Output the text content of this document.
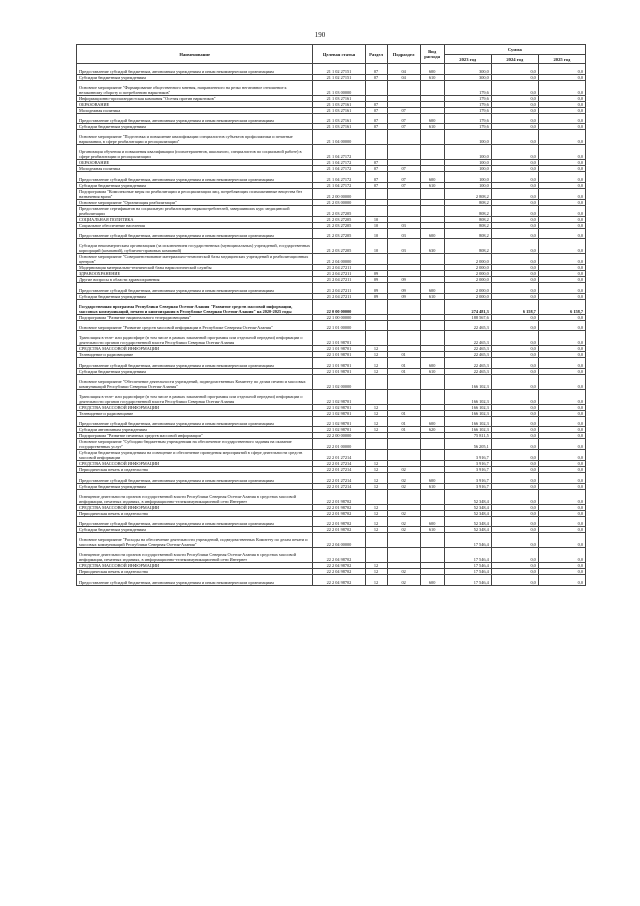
190
Наименование	Целевая статья	Раздел	Подраздел	Вид расхода	Сумма		
					2023 год	2024 год	2025 год
Предоставление субсидий бюджетным, автономным учреждениям и иным некоммерческим организациям	21 1 02 27151	07	04	600	300,0	0,0	0,0
Субсидии бюджетным учреждениям	21 1 02 27151	07	04	610	300,0	0,0	0,0
Основное мероприятие "Формирование общественного мнения, направленного на резко негативное отношение к незаконному обороту и потреблению наркотиков"	21 1 03 00000				179,6	0,0	0,0
Информационно-пропагандистская кампания "Осетия против наркотиков"	21 1 03 27161				179,6	0,0	0,0
ОБРАЗОВАНИЕ	21 1 03 27161	07			179,6	0,0	0,0
Молодежная политика	21 1 03 27161	07	07		179,6	0,0	0,0
Предоставление субсидий бюджетным, автономным учреждениям и иным некоммерческим организациям	21 1 03 27161	07	07	600	179,6	0,0	0,0
Субсидии бюджетным учреждениям	21 1 03 27161	07	07	610	179,6	0,0	0,0
Основное мероприятие "Подготовка и повышение квалификации специалистов субъектов профилактики и печатные наркомании, в сфере реабилитации и ресоциализации"	21 1 04 00000				100,0	0,0	0,0
Организация обучения и повышения квалификации (психотерапевтов, школьного, специалистов по социальной работе) в сфере реабилитации и ресоциализации	21 1 04 27172				100,0	0,0	0,0
ОБРАЗОВАНИЕ	21 1 04 27172	07			100,0	0,0	0,0
Молодежная политика	21 1 04 27172	07	07		100,0	0,0	0,0
Предоставление субсидий бюджетным, автономным учреждениям и иным некоммерческим организациям	21 1 04 27172	07	07	600	100,0	0,0	0,0
Субсидии бюджетным учреждениям	21 1 04 27172	07	07	610	100,0	0,0	0,0
Подпрограмма "Комплексные меры по реабилитации и ресоциализации лиц, потребляющих психоактивные вещества без назначения врача"	21 2 00 00000				2 808,2	0,0	0,0
Основное мероприятие "Организация реабилитации"	21 2 03 00000				808,2	0,0	0,0
Предоставление сертификатов на социальную реабилитацию наркопотребителей, завершивших курс медицинской реабилитации	21 2 03 27205				808,2	0,0	0,0
СОЦИАЛЬНАЯ ПОЛИТИКА	21 2 03 27205	10			808,2	0,0	0,0
Социальное обеспечение населения	21 2 03 27205	10	03		808,2	0,0	0,0
Предоставление субсидий бюджетным, автономным учреждениям и иным некоммерческим организациям	21 2 03 27205	10	03	600	808,2	0,0	0,0
Субсидии некоммерческим организациям (за исключением государственных (муниципальных) учреждений, государственных корпораций (компаний), публично-правовых компаний)	21 2 03 27205	10	03	630	808,2	0,0	0,0
Основное мероприятие "Совершенствование материально-технической базы медицинских учреждений и реабилитационных центров"	21 2 04 00000				2 000,0	0,0	0,0
Модернизация материально-технической базы наркологической службы	21 2 04 27211				2 000,0	0,0	0,0
ЗДРАВООХРАНЕНИЕ	21 2 04 27211	09			2 000,0	0,0	0,0
Другие вопросы в области здравоохранения	21 2 04 27211	09	09		2 000,0	0,0	0,0
Предоставление субсидий бюджетным, автономным учреждениям и иным некоммерческим организациям	21 2 04 27211	09	09	600	2 000,0	0,0	0,0
Субсидии бюджетным учреждениям	21 2 04 27211	09	09	610	2 000,0	0,0	0,0
Государственная программа Республики Северная Осетия-Алания "Развитие средств массовой информации, массовых коммуникаций, печати и книгоиздания в Республике Северная Осетия-Алания" на 2020-2025 годы	22 0 00 00000				274 481,3	6 158,7	6 158,7
Подпрограмма "Развитие национального телерадиовещания"	22 1 00 00000				188 567,6	0,0	0,0
Основное мероприятие "Развитие средств массовой информации в Республике Северная Осетия-Алания"	22 1 01 00000				22 465,3	0,0	0,0
Трансляция в теле- или радиоэфире (в том числе в рамках заказанной программы или отдельной передачи) информации о деятельности органов государственной власти Республики Северная Осетия-Алания	22 1 01 98701				22 465,3	0,0	0,0
СРЕДСТВА МАССОВОЙ ИНФОРМАЦИИ	22 1 01 98701	12			22 465,3	0,0	0,0
Телевидение и радиовещание	22 1 01 98701	12	01		22 465,3	0,0	0,0
Предоставление субсидий бюджетным, автономным учреждениям и иным некоммерческим организациям	22 1 01 98701	12	01	600	22 465,3	0,0	0,0
Субсидии бюджетным учреждениям	22 1 01 98701	12	01	610	22 465,3	0,0	0,0
Основное мероприятие "Обеспечение деятельности учреждений, подведомственных Комитету по делам печати и массовых коммуникаций Республики Северная Осетия-Алания"	22 1 02 00000				166 102,3	0,0	0,0
Трансляция в теле- или радиоэфире (в том числе в рамках заказанной программы или отдельной передачи) информации о деятельности органов государственной власти Республики Северная Осетия-Алания	22 1 02 98701				166 102,3	0,0	0,0
СРЕДСТВА МАССОВОЙ ИНФОРМАЦИИ	22 1 02 98701	12			166 102,3	0,0	0,0
Телевидение и радиовещание	22 1 02 98701	12	01		166 102,3	0,0	0,0
Предоставление субсидий бюджетным, автономным учреждениям и иным некоммерческим организациям	22 1 02 98701	12	01	600	166 102,3	0,0	0,0
Субсидии автономным учреждениям	22 1 02 98701	12	01	620	166 102,3	0,0	0,0
Подпрограмма "Развитие печатных средств массовой информации"	22 2 00 00000				75 811,5	0,0	0,0
Основное мероприятие "Субсидии бюджетным учреждениям на обеспечение государственного задания на оказание государственных услуг"	22 2 01 00000				56 205,1	0,0	0,0
Субсидии бюджетным учреждениям на освещение и обеспечение проведения мероприятий в сфере деятельности средств массовой информации	22 2 01 27214				3 916,7	0,0	0,0
СРЕДСТВА МАССОВОЙ ИНФОРМАЦИИ	22 2 01 27214	12			3 916,7	0,0	0,0
Периодическая печать и издательства	22 2 01 27214	12	02		3 916,7	0,0	0,0
Предоставление субсидий бюджетным, автономным учреждениям и иным некоммерческим организациям	22 2 01 27214	12	02	600	3 916,7	0,0	0,0
Субсидии бюджетным учреждениям	22 2 01 27214	12	02	610	3 916,7	0,0	0,0
Освещение деятельности органов государственной власти Республики Северная Осетия-Алания в средствах массовой информации, печатных изданиях, в информационно-телекоммуникационной сети Интернет	22 2 01 98702				52 348,4	0,0	0,0
СРЕДСТВА МАССОВОЙ ИНФОРМАЦИИ	22 2 01 98702	12			52 348,4	0,0	0,0
Периодическая печать и издательства	22 2 01 98702	12	02		52 348,4	0,0	0,0
Предоставление субсидий бюджетным, автономным учреждениям и иным некоммерческим организациям	22 2 01 98702	12	02	600	52 348,4	0,0	0,0
Субсидии бюджетным учреждениям	22 2 01 98702	12	02	610	52 348,4	0,0	0,0
Основное мероприятие "Расходы на обеспечение деятельности учреждений, подведомственных Комитету по делам печати и массовых коммуникаций Республики Северная Осетия-Алания"	22 2 04 00000				17 546,4	0,0	0,0
Освещение деятельности органов государственной власти Республики Северная Осетия-Алания в средствах массовой информации, печатных изданиях, в информационно-телекоммуникационной сети Интернет	22 2 04 98702				17 546,4	0,0	0,0
СРЕДСТВА МАССОВОЙ ИНФОРМАЦИИ	22 2 04 98702	12			17 546,4	0,0	0,0
Периодическая печать и издательства	22 2 04 98702	12	02		17 546,4	0,0	0,0
Предоставление субсидий бюджетным, автономным учреждениям и иным некоммерческим организациям	22 2 04 98702	12	02	600	17 546,4	0,0	0,0
